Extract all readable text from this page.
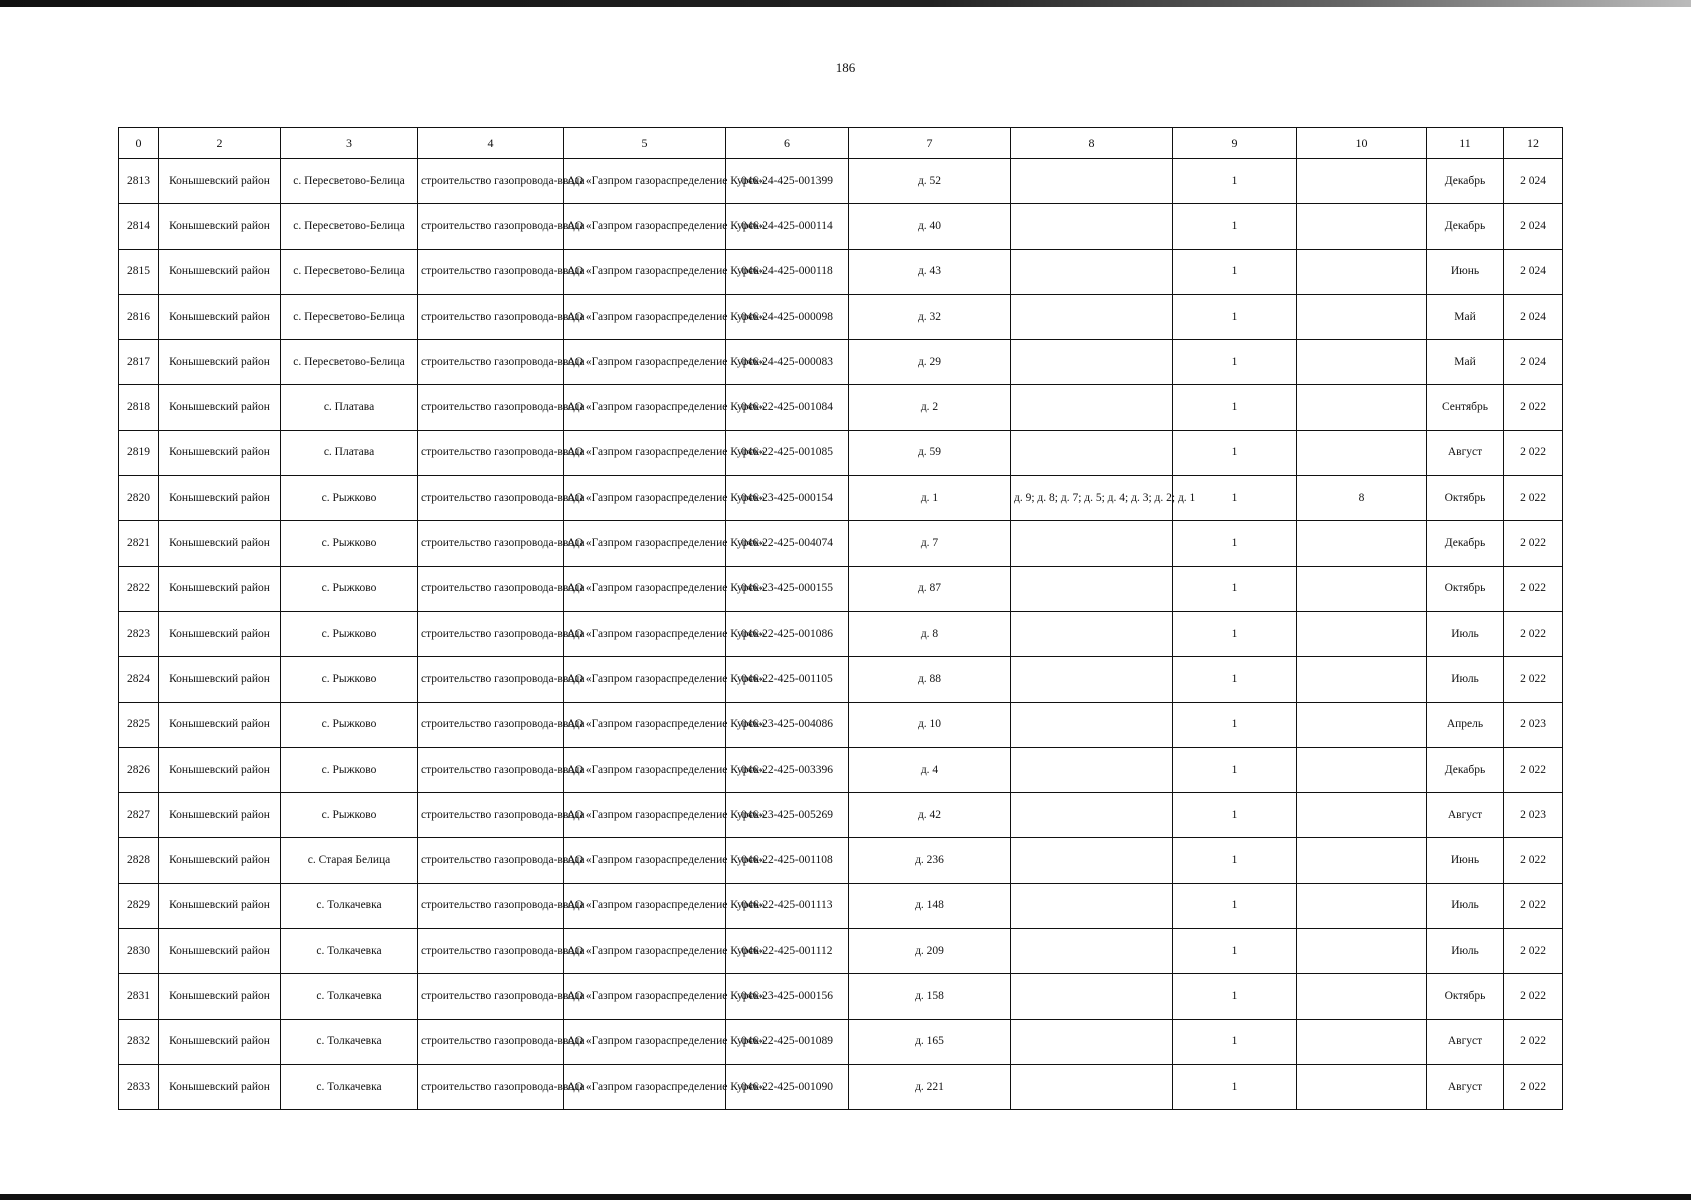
186
0	2	3	4	5	6	7	8	9	10	11	12
2813	Конышевский район	с. Пересветово-Белица	строительство газопровода-ввода	АО «Газпром газораспределение Курск»	046-24-425-001399	д. 52		1		Декабрь	2 024
2814	Конышевский район	с. Пересветово-Белица	строительство газопровода-ввода	АО «Газпром газораспределение Курск»	046-24-425-000114	д. 40		1		Декабрь	2 024
2815	Конышевский район	с. Пересветово-Белица	строительство газопровода-ввода	АО «Газпром газораспределение Курск»	046-24-425-000118	д. 43		1		Июнь	2 024
2816	Конышевский район	с. Пересветово-Белица	строительство газопровода-ввода	АО «Газпром газораспределение Курск»	046-24-425-000098	д. 32		1		Май	2 024
2817	Конышевский район	с. Пересветово-Белица	строительство газопровода-ввода	АО «Газпром газораспределение Курск»	046-24-425-000083	д. 29		1		Май	2 024
2818	Конышевский район	с. Платава	строительство газопровода-ввода	АО «Газпром газораспределение Курск»	046-22-425-001084	д. 2		1		Сентябрь	2 022
2819	Конышевский район	с. Платава	строительство газопровода-ввода	АО «Газпром газораспределение Курск»	046-22-425-001085	д. 59		1		Август	2 022
2820	Конышевский район	с. Рыжково	строительство газопровода-ввода	АО «Газпром газораспределение Курск»	046-23-425-000154	д. 1	д. 9; д. 8; д. 7; д. 5; д. 4; д. 3; д. 2; д. 1	1	8	Октябрь	2 022
2821	Конышевский район	с. Рыжково	строительство газопровода-ввода	АО «Газпром газораспределение Курск»	046-22-425-004074	д. 7		1		Декабрь	2 022
2822	Конышевский район	с. Рыжково	строительство газопровода-ввода	АО «Газпром газораспределение Курск»	046-23-425-000155	д. 87		1		Октябрь	2 022
2823	Конышевский район	с. Рыжково	строительство газопровода-ввода	АО «Газпром газораспределение Курск»	046-22-425-001086	д. 8		1		Июль	2 022
2824	Конышевский район	с. Рыжково	строительство газопровода-ввода	АО «Газпром газораспределение Курск»	046-22-425-001105	д. 88		1		Июль	2 022
2825	Конышевский район	с. Рыжково	строительство газопровода-ввода	АО «Газпром газораспределение Курск»	046-23-425-004086	д. 10		1		Апрель	2 023
2826	Конышевский район	с. Рыжково	строительство газопровода-ввода	АО «Газпром газораспределение Курск»	046-22-425-003396	д. 4		1		Декабрь	2 022
2827	Конышевский район	с. Рыжково	строительство газопровода-ввода	АО «Газпром газораспределение Курск»	046-23-425-005269	д. 42		1		Август	2 023
2828	Конышевский район	с. Старая Белица	строительство газопровода-ввода	АО «Газпром газораспределение Курск»	046-22-425-001108	д. 236		1		Июнь	2 022
2829	Конышевский район	с. Толкачевка	строительство газопровода-ввода	АО «Газпром газораспределение Курск»	046-22-425-001113	д. 148		1		Июль	2 022
2830	Конышевский район	с. Толкачевка	строительство газопровода-ввода	АО «Газпром газораспределение Курск»	046-22-425-001112	д. 209		1		Июль	2 022
2831	Конышевский район	с. Толкачевка	строительство газопровода-ввода	АО «Газпром газораспределение Курск»	046-23-425-000156	д. 158		1		Октябрь	2 022
2832	Конышевский район	с. Толкачевка	строительство газопровода-ввода	АО «Газпром газораспределение Курск»	046-22-425-001089	д. 165		1		Август	2 022
2833	Конышевский район	с. Толкачевка	строительство газопровода-ввода	АО «Газпром газораспределение Курск»	046-22-425-001090	д. 221		1		Август	2 022
